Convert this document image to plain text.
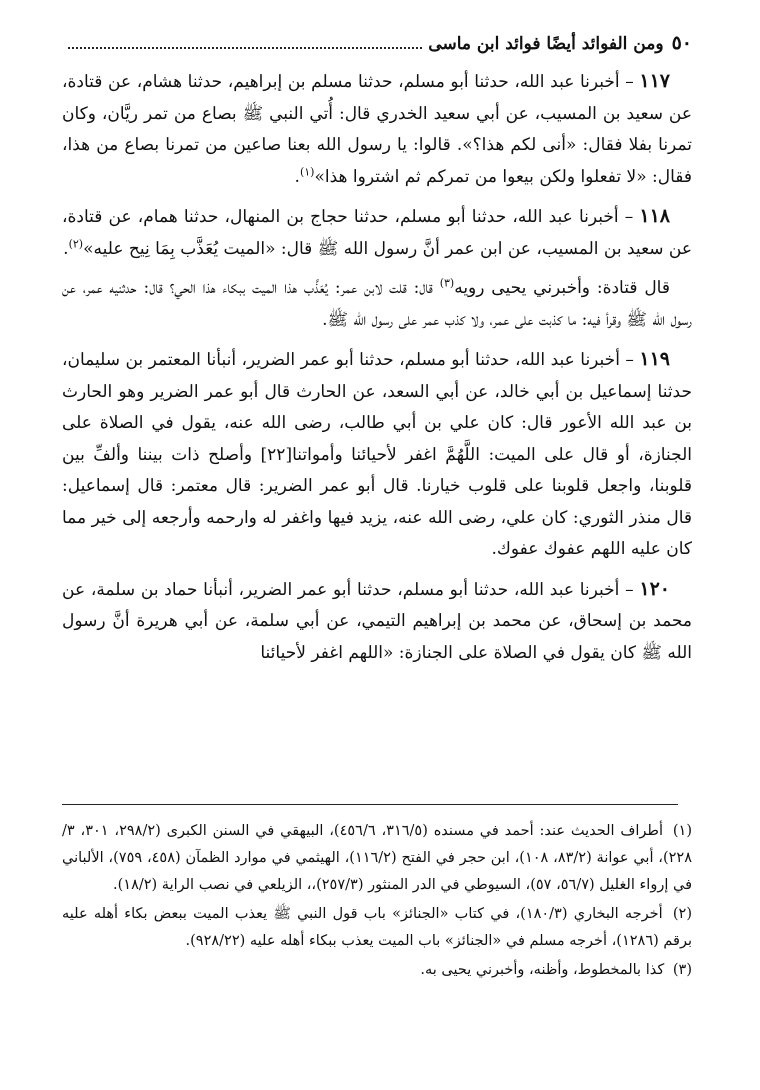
٥٠
ومن الفوائد أيضًا فوائد ابن ماسى

١١٧ – أخبرنا عبد الله، حدثنا أبو مسلم، حدثنا مسلم بن إبراهيم، حدثنا هشام، عن قتادة، عن سعيد بن المسيب، عن أبي سعيد الخدري قال: أُتي النبي ﷺ بصاع من تمر ريَّان، وكان تمرنا بفلا فقال: «أنى لكم هذا؟». قالوا: يا رسول الله بعنا صاعين من تمرنا بصاع من هذا، فقال: «لا تفعلوا ولكن بيعوا من تمركم ثم اشتروا هذا»$^{(١)}$.

١١٨ – أخبرنا عبد الله، حدثنا أبو مسلم، حدثنا حجاج بن المنهال، حدثنا همام، عن قتادة، عن سعيد بن المسيب، عن ابن عمر أنَّ رسول الله ﷺ قال: «الميت يُعَذَّب بِمَا نِيح عليه»$^{(٢)}$.

قال قتادة: وأخبرني يحيى رويه$^{(٣)}$ قال: قلت لابن عمر: يُعَذَّب هذا الميت ببكاء هذا الحي؟ قال: حدثنيه عمر، عن رسول الله ﷺ وقرأ فيه: ما كذبت على عمر، ولا كذب عمر على رسول الله ﷺ.

١١٩ – أخبرنا عبد الله، حدثنا أبو مسلم، حدثنا أبو عمر الضرير، أنبأنا المعتمر بن سليمان، حدثنا إسماعيل بن أبي خالد، عن أبي السعد، عن الحارث قال أبو عمر الضرير وهو الحارث بن عبد الله الأعور قال: كان علي بن أبي طالب، رضى الله عنه، يقول في الصلاة على الجنازة، أو قال على الميت: اللَّهُمَّ اغفر لأحيائنا وأمواتنا[٢٢] وأصلح ذات بيننا وألفِّ بين قلوبنا، واجعل قلوبنا على قلوب خيارنا. قال أبو عمر الضرير: قال معتمر: قال إسماعيل: قال منذر الثوري: كان علي، رضى الله عنه، يزيد فيها واغفر له وارحمه وأرجعه إلى خير مما كان عليه اللهم عفوك عفوك.

١٢٠ – أخبرنا عبد الله، حدثنا أبو مسلم، حدثنا أبو عمر الضرير، أنبأنا حماد بن سلمة، عن محمد بن إسحاق، عن محمد بن إبراهيم التيمي، عن أبي سلمة، عن أبي هريرة أنَّ رسول الله ﷺ كان يقول في الصلاة على الجنازة: «اللهم اغفر لأحيائنا

(١) أطراف الحديث عند: أحمد في مسنده (٣١٦/٥، ٤٥٦/٦)، البيهقي في السنن الكبرى (٢٩٨/٢، ٣٠١، ٣/ ٢٢٨)، أبي عوانة (٨٣/٢، ١٠٨)، ابن حجر في الفتح (١١٦/٢)، الهيثمي في موارد الظمآن (٤٥٨، ٧٥٩)، الألباني في إرواء الغليل (٥٦/٧، ٥٧)، السيوطي في الدر المنثور (٢٥٧/٣)،، الزيلعي في نصب الراية (١٨/٢).

(٢) أخرجه البخاري (١٨٠/٣)، في كتاب «الجنائز» باب قول النبي ﷺ يعذب الميت ببعض بكاء أهله عليه برقم (١٢٨٦)، أخرجه مسلم في «الجنائز» باب الميت يعذب ببكاء أهله عليه (٩٢٨/٢٢).

(٣) كذا بالمخطوط، وأظنه، وأخبرني يحيى به.
